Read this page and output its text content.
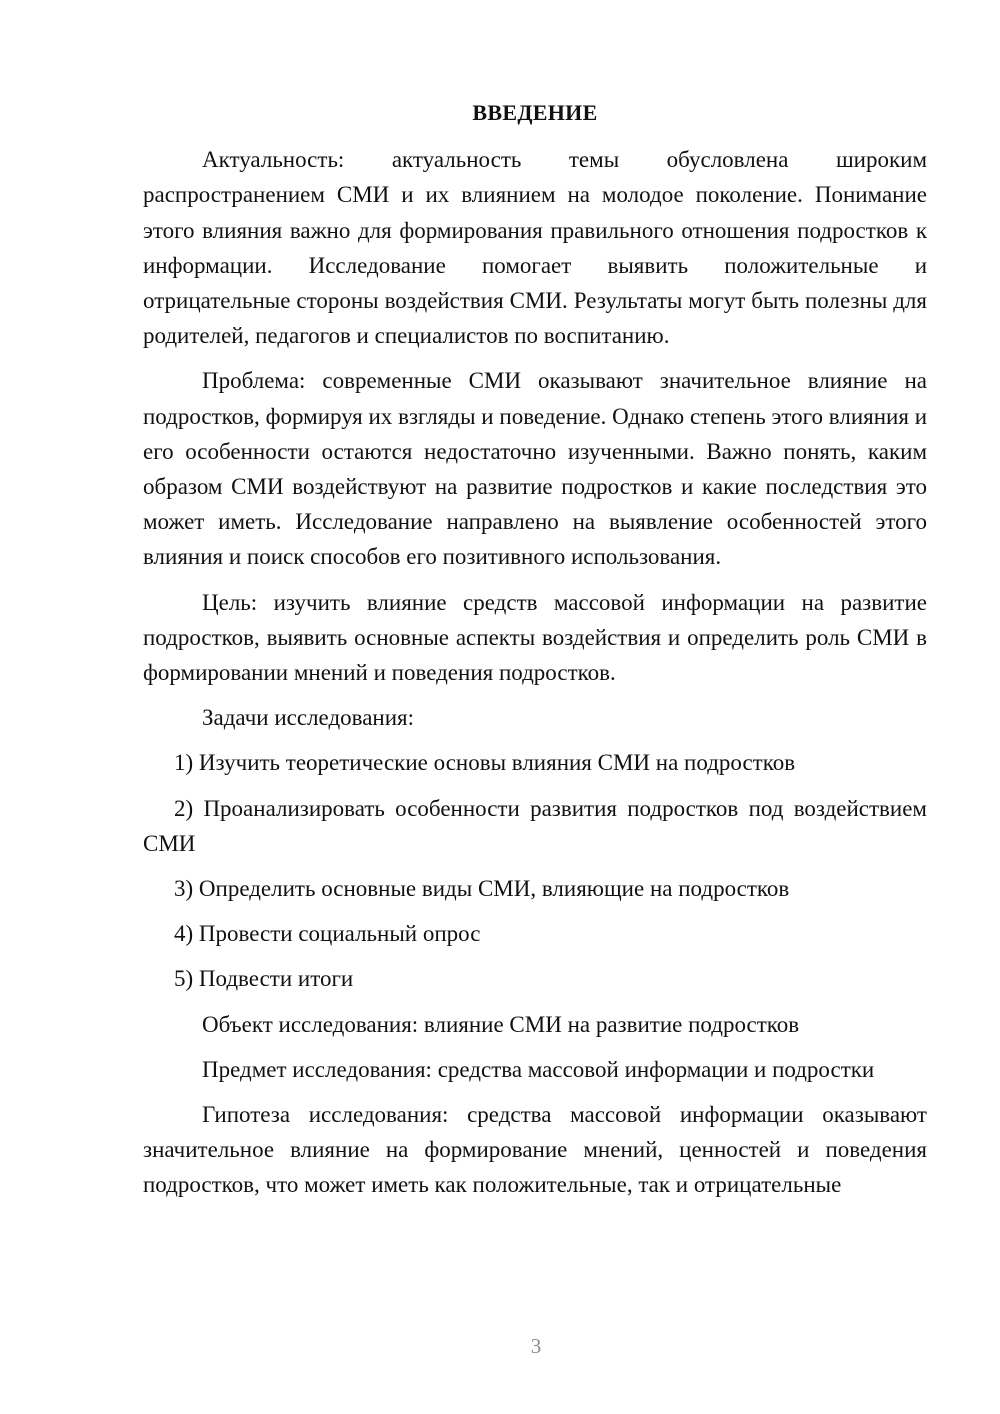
ВВЕДЕНИЕ

Актуальность: актуальность темы обусловлена широким распространением СМИ и их влиянием на молодое поколение. Понимание этого влияния важно для формирования правильного отношения подростков к информации. Исследование помогает выявить положительные и отрицательные стороны воздействия СМИ. Результаты могут быть полезны для родителей, педагогов и специалистов по воспитанию.

Проблема: современные СМИ оказывают значительное влияние на подростков, формируя их взгляды и поведение. Однако степень этого влияния и его особенности остаются недостаточно изученными. Важно понять, каким образом СМИ воздействуют на развитие подростков и какие последствия это может иметь. Исследование направлено на выявление особенностей этого влияния и поиск способов его позитивного использования.

Цель: изучить влияние средств массовой информации на развитие подростков, выявить основные аспекты воздействия и определить роль СМИ в формировании мнений и поведения подростков.

Задачи исследования:

1) Изучить теоретические основы влияния СМИ на подростков

2) Проанализировать особенности развития подростков под воздействием СМИ

3) Определить основные виды СМИ, влияющие на подростков

4) Провести социальный опрос

5) Подвести итоги

Объект исследования: влияние СМИ на развитие подростков

Предмет исследования: средства массовой информации и подростки

Гипотеза исследования: средства массовой информации оказывают значительное влияние на формирование мнений, ценностей и поведения подростков, что может иметь как положительные, так и отрицательные

3
